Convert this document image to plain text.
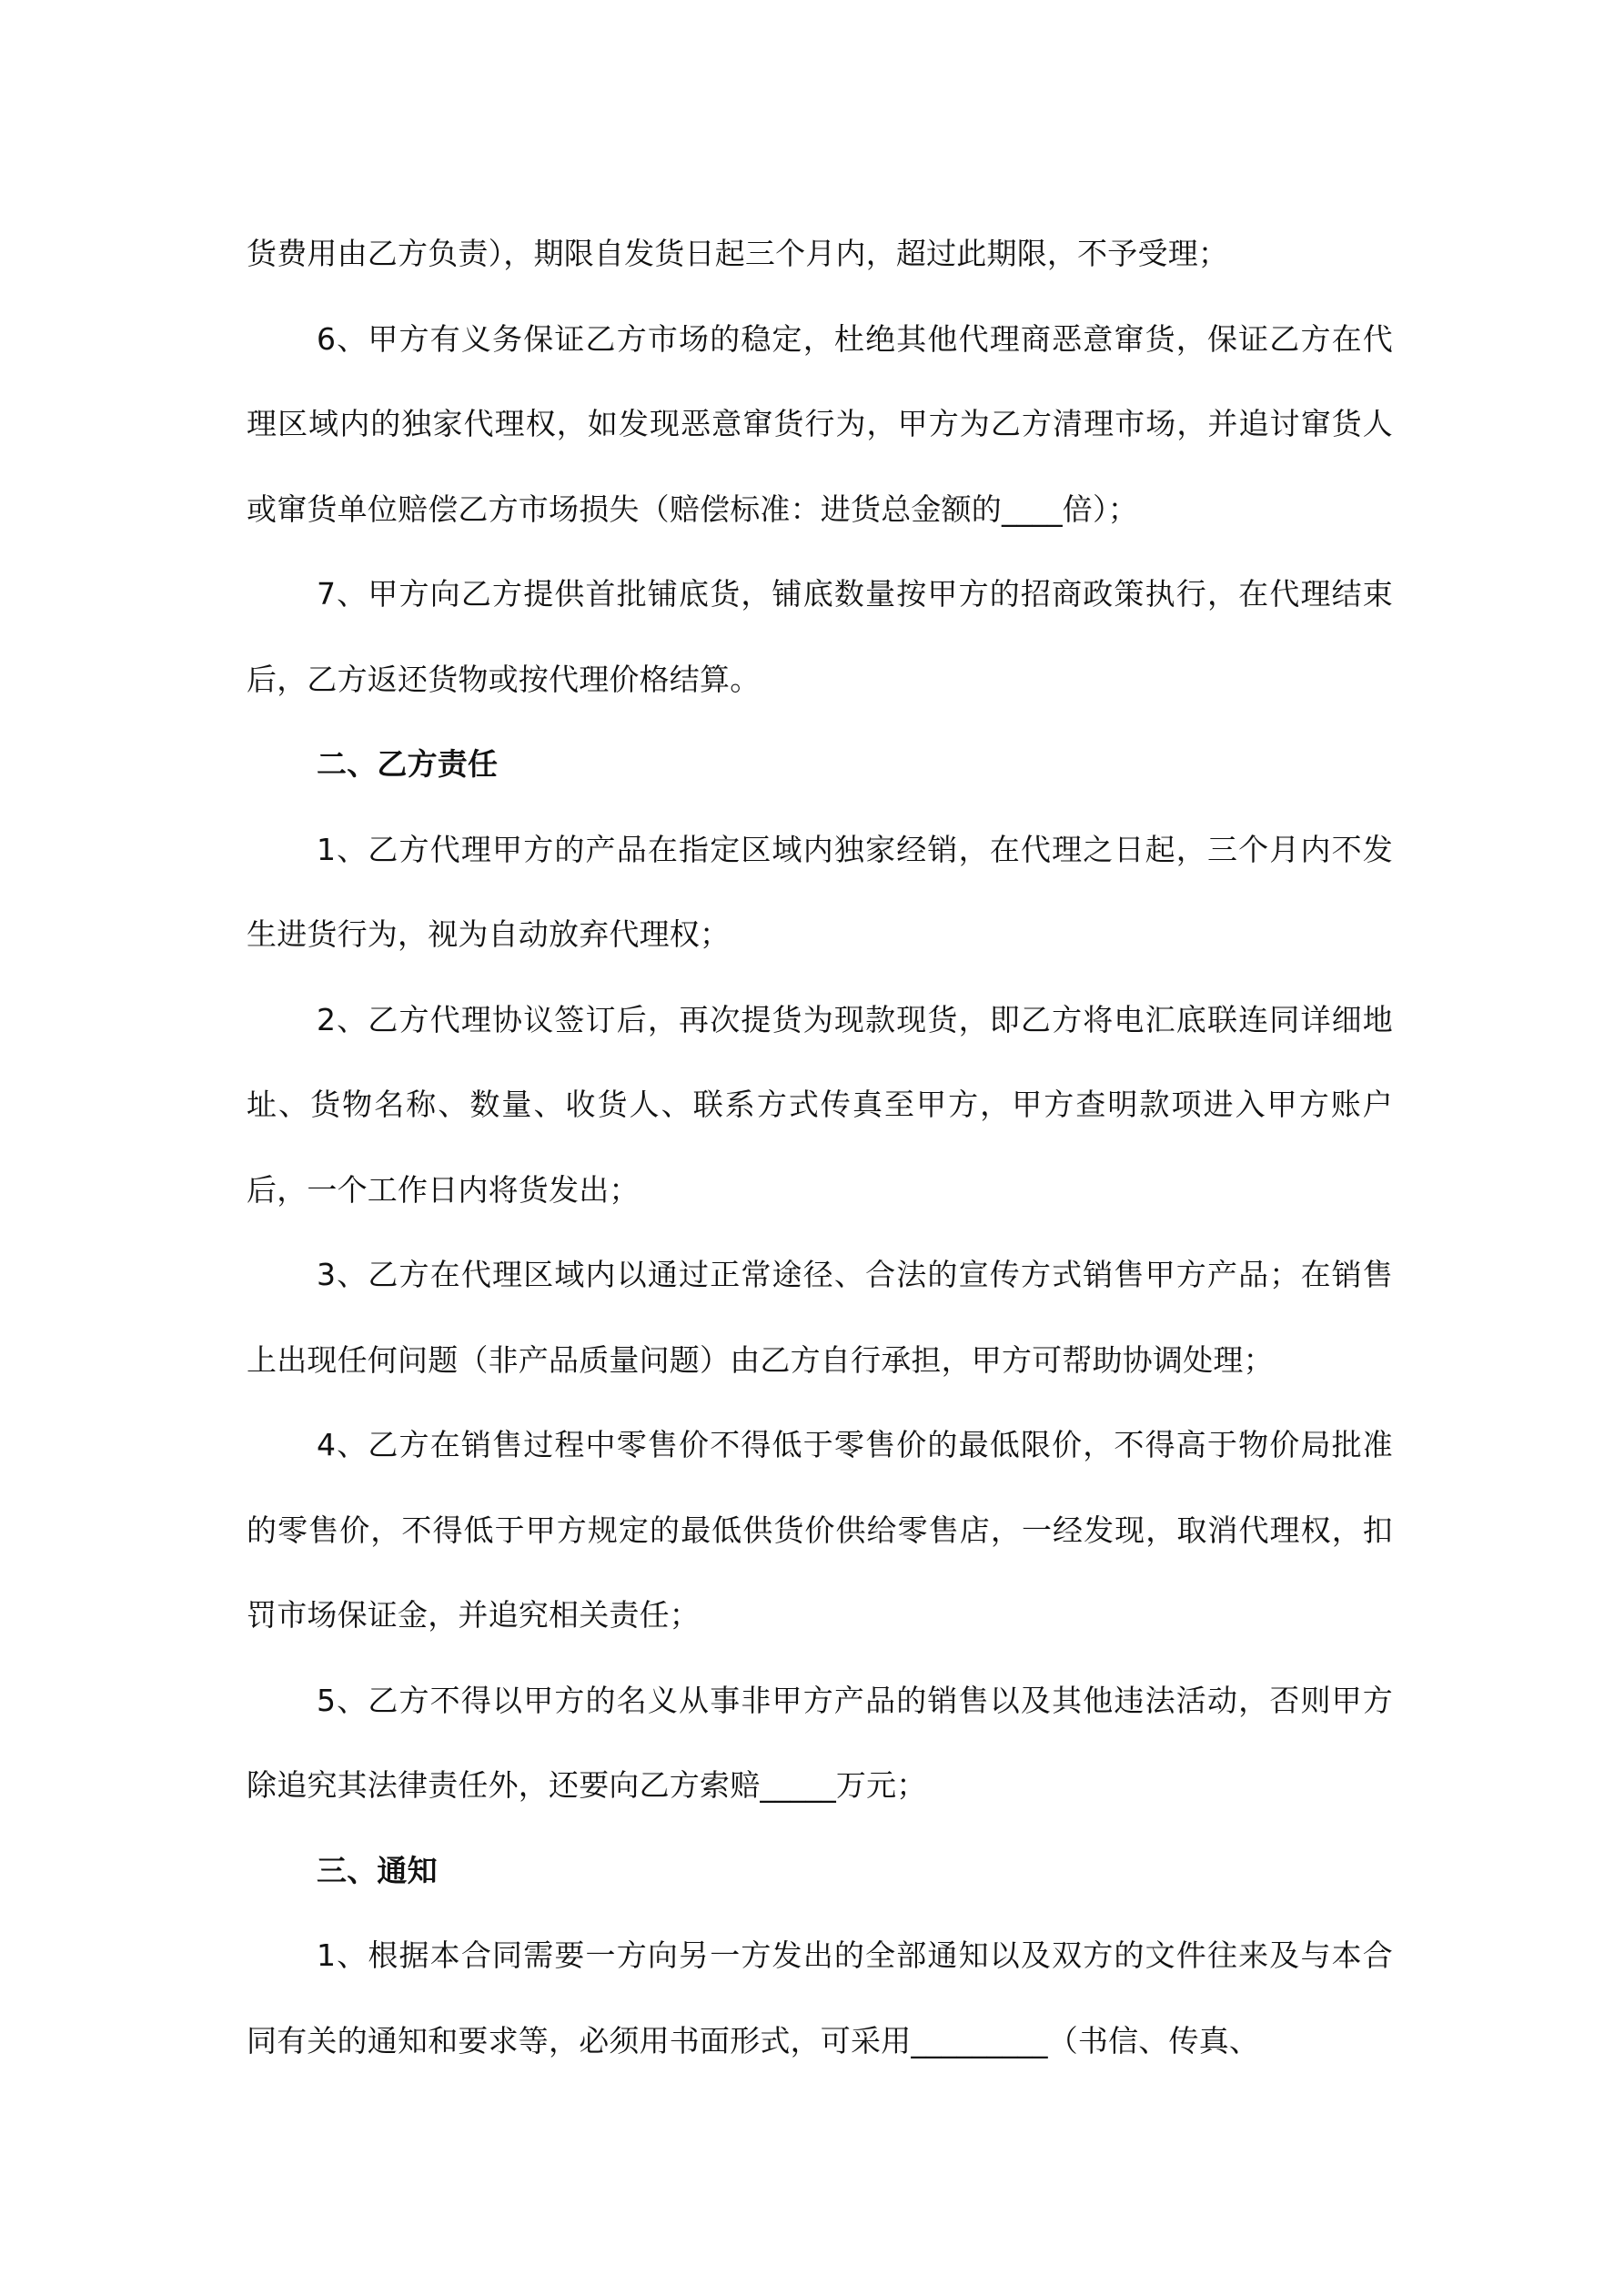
货费用由乙方负责），期限自发货日起三个月内，超过此期限，不予受理；

6、甲方有义务保证乙方市场的稳定，杜绝其他代理商恶意窜货，保证乙方在代理区域内的独家代理权，如发现恶意窜货行为，甲方为乙方清理市场，并追讨窜货人或窜货单位赔偿乙方市场损失（赔偿标准：进货总金额的____倍）；

7、甲方向乙方提供首批铺底货，铺底数量按甲方的招商政策执行，在代理结束后，乙方返还货物或按代理价格结算。

二、乙方责任

1、乙方代理甲方的产品在指定区域内独家经销，在代理之日起，三个月内不发生进货行为，视为自动放弃代理权；

2、乙方代理协议签订后，再次提货为现款现货，即乙方将电汇底联连同详细地址、货物名称、数量、收货人、联系方式传真至甲方，甲方查明款项进入甲方账户后，一个工作日内将货发出；

3、乙方在代理区域内以通过正常途径、合法的宣传方式销售甲方产品；在销售上出现任何问题（非产品质量问题）由乙方自行承担，甲方可帮助协调处理；

4、乙方在销售过程中零售价不得低于零售价的最低限价，不得高于物价局批准的零售价，不得低于甲方规定的最低供货价供给零售店，一经发现，取消代理权，扣罚市场保证金，并追究相关责任；

5、乙方不得以甲方的名义从事非甲方产品的销售以及其他违法活动，否则甲方除追究其法律责任外，还要向乙方索赔_____万元；

三、通知

1、根据本合同需要一方向另一方发出的全部通知以及双方的文件往来及与本合同有关的通知和要求等，必须用书面形式，可采用_________（书信、传真、
